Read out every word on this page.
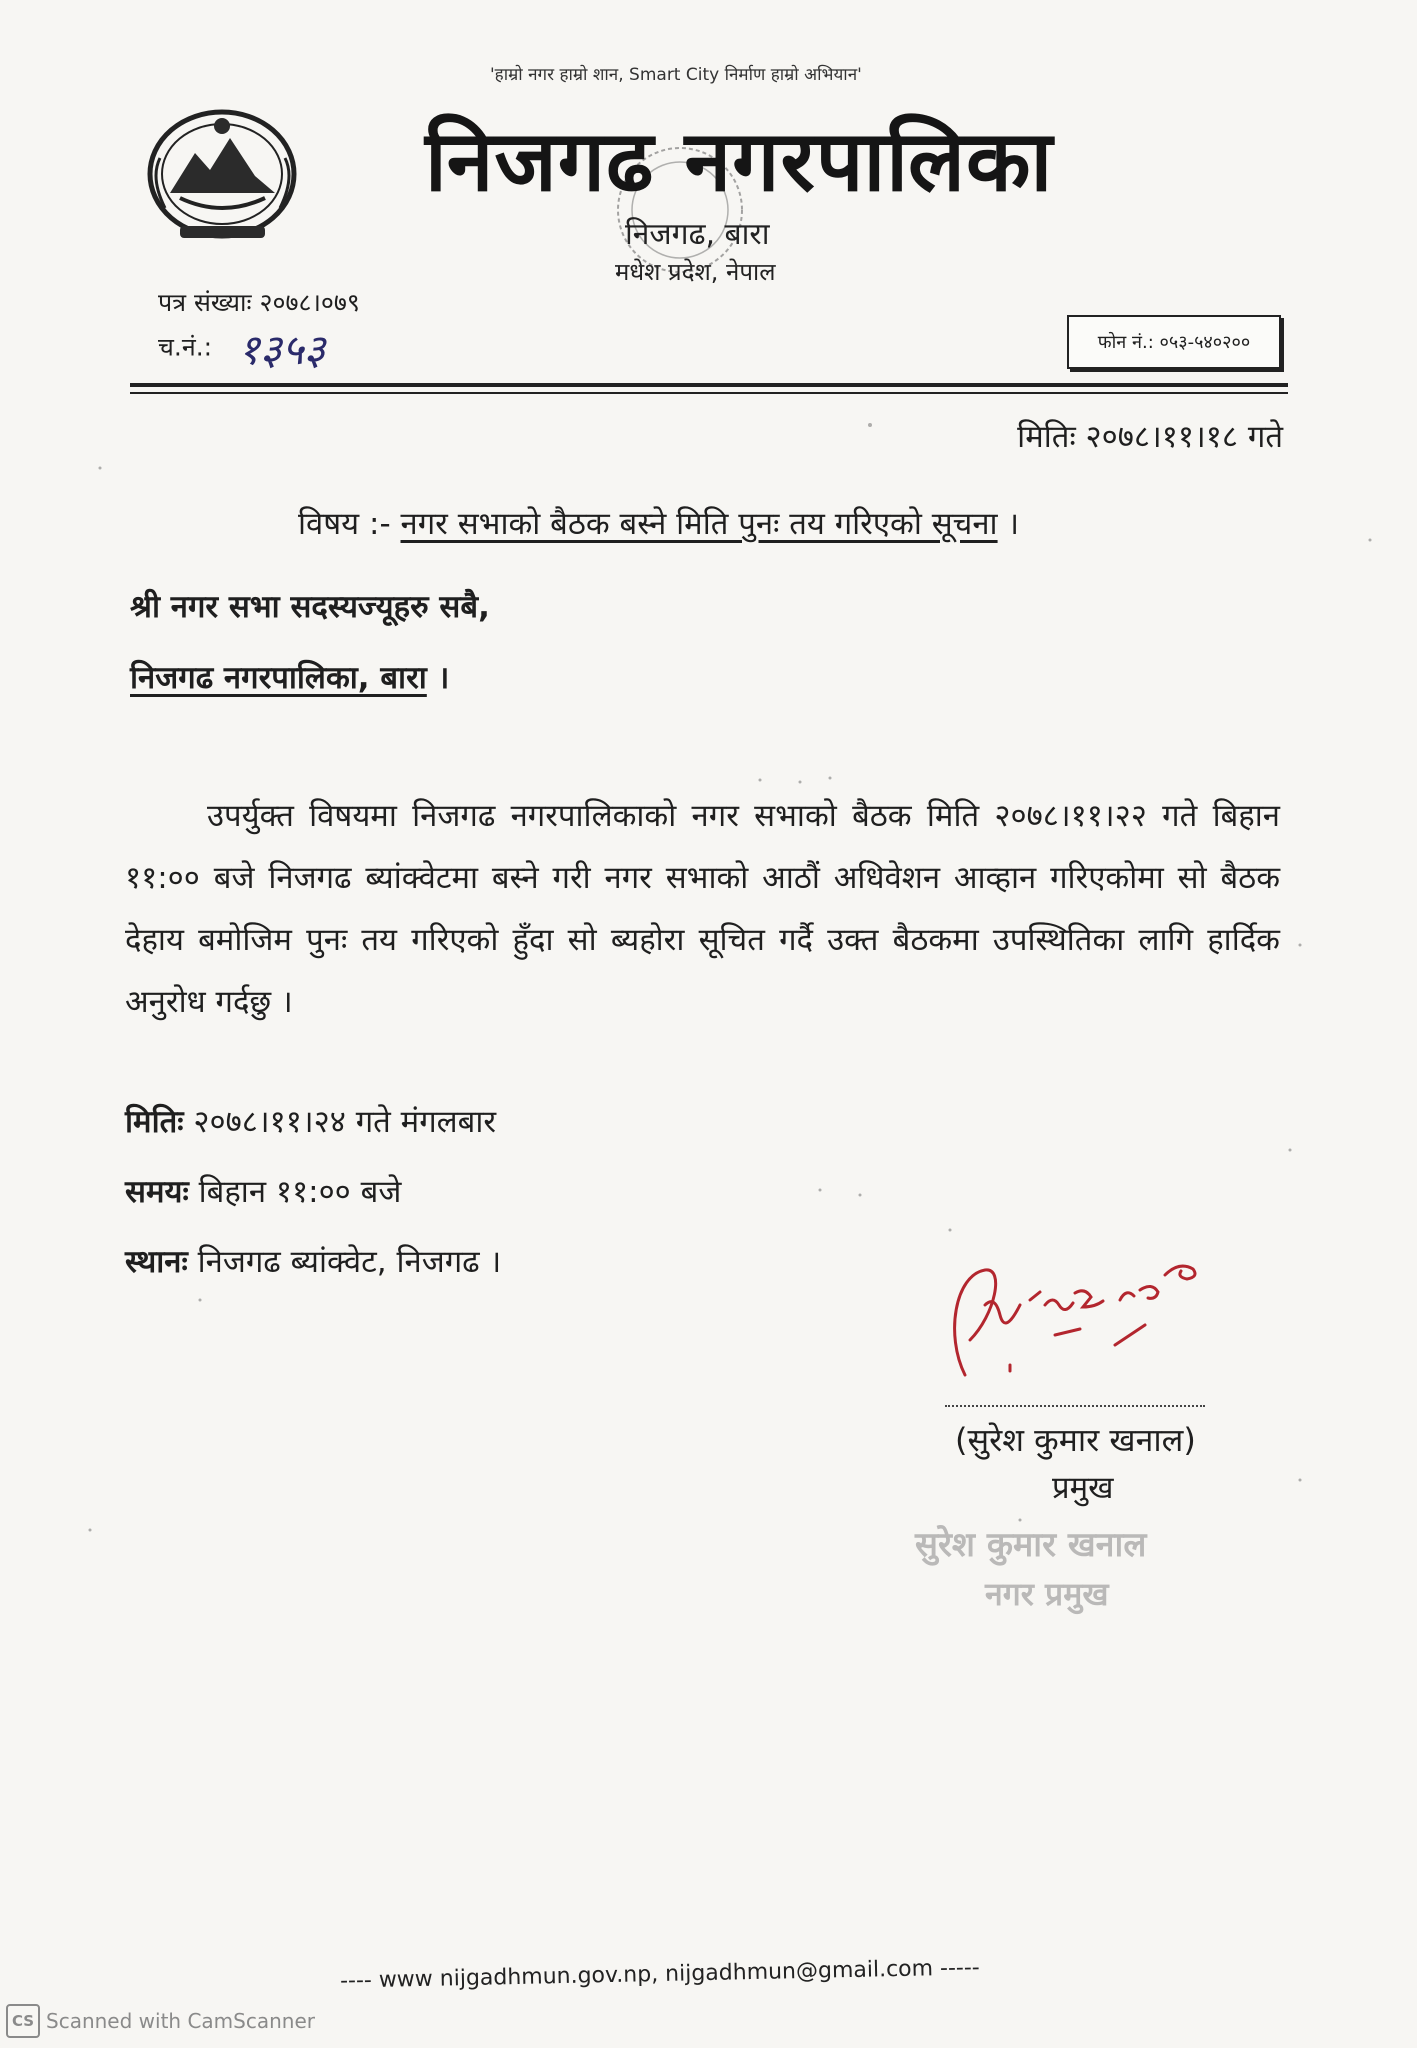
'हाम्रो नगर हाम्रो शान, Smart City निर्माण हाम्रो अभियान'
निजगढ नगरपालिका
निजगढ, बारा
मधेश प्रदेश, नेपाल
पत्र संख्याः २०७८।०७९
च.नं.: १३५३	फोन नं.: ०५३-५४०२००
मितिः २०७८।११।१८ गते
विषय :- नगर सभाको बैठक बस्ने मिति पुनः तय गरिएको सूचना ।
श्री नगर सभा सदस्यज्यूहरु सबै,
निजगढ नगरपालिका, बारा ।
उपर्युक्त विषयमा निजगढ नगरपालिकाको नगर सभाको बैठक मिति २०७८।११।२२ गते बिहान ११:०० बजे निजगढ ब्यांक्वेटमा बस्ने गरी नगर सभाको आठौं अधिवेशन आव्हान गरिएकोमा सो बैठक देहाय बमोजिम पुनः तय गरिएको हुँदा सो ब्यहोरा सूचित गर्दै उक्त बैठकमा उपस्थितिका लागि हार्दिक अनुरोध गर्दछु ।
मितिः २०७८।११।२४ गते मंगलबार
समयः बिहान ११:०० बजे
स्थानः निजगढ ब्यांक्वेट, निजगढ ।
(सुरेश कुमार खनाल)
प्रमुख
सुरेश कुमार खनाल
नगर प्रमुख
---- www nijgadhmun.gov.np, nijgadhmun@gmail.com -----
CS Scanned with CamScanner
